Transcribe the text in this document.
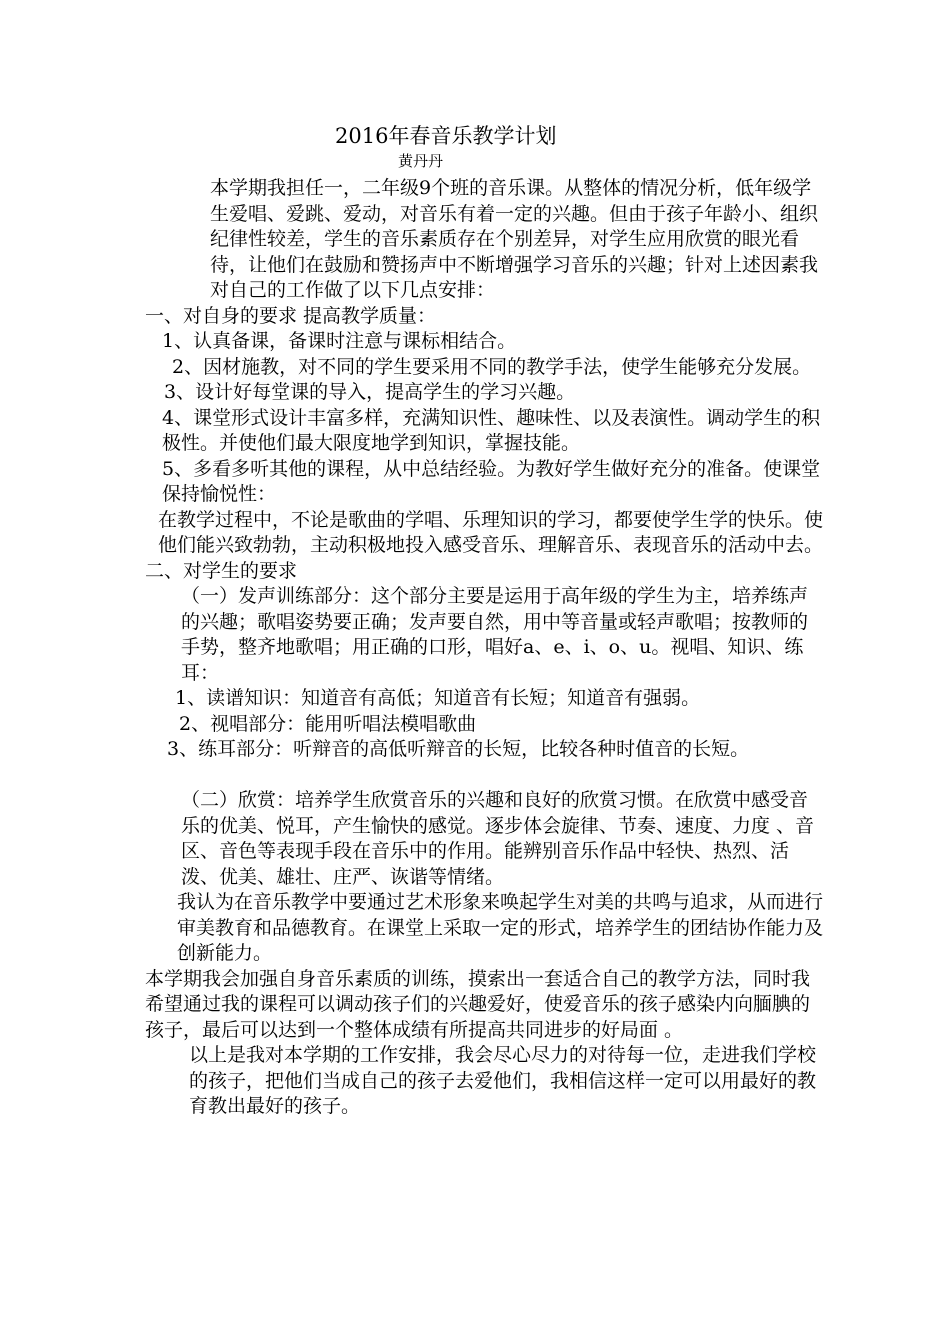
2016年春音乐教学计划
黄丹丹

本学期我担任一，二年级9个班的音乐课。从整体的情况分析，低年级学生爱唱、爱跳、爱动，对音乐有着一定的兴趣。但由于孩子年龄小、组织纪律性较差，学生的音乐素质存在个别差异，对学生应用欣赏的眼光看待，让他们在鼓励和赞扬声中不断增强学习音乐的兴趣；针对上述因素我对自己的工作做了以下几点安排：

一、对自身的要求 提高教学质量：

1、认真备课，备课时注意与课标相结合。

2、因材施教，对不同的学生要采用不同的教学手法，使学生能够充分发展。

3、设计好每堂课的导入，提高学生的学习兴趣。

4、课堂形式设计丰富多样，充满知识性、趣味性、以及表演性。调动学生的积 极性。并使他们最大限度地学到知识，掌握技能。

5、多看多听其他的课程，从中总结经验。为教好学生做好充分的准备。使课堂保持愉悦性：

在教学过程中，不论是歌曲的学唱、乐理知识的学习，都要使学生学的快乐。使他们能兴致勃勃，主动积极地投入感受音乐、理解音乐、表现音乐的活动中去。

二、对学生的要求

（一）发声训练部分：这个部分主要是运用于高年级的学生为主，培养练声的兴趣；歌唱姿势要正确；发声要自然，用中等音量或轻声歌唱；按教师的手势，整齐地歌唱；用正确的口形，唱好a、e、i、o、u。视唱、知识、练耳：

1、读谱知识：知道音有高低；知道音有长短；知道音有强弱。

2、视唱部分：能用听唱法模唱歌曲

3、练耳部分：听辩音的高低听辩音的长短，比较各种时值音的长短。

（二）欣赏：培养学生欣赏音乐的兴趣和良好的欣赏习惯。在欣赏中感受音乐的优美、悦耳，产生愉快的感觉。逐步体会旋律、节奏、速度、力度 、音区、音色等表现手段在音乐中的作用。能辨别音乐作品中轻快、热烈、活泼、优美、雄壮、庄严、诙谐等情绪。

我认为在音乐教学中要通过艺术形象来唤起学生对美的共鸣与追求，从而进行审美教育和品德教育。在课堂上采取一定的形式，培养学生的团结协作能力及创新能力。

本学期我会加强自身音乐素质的训练，摸索出一套适合自己的教学方法，同时我希望通过我的课程可以调动孩子们的兴趣爱好，使爱音乐的孩子感染内向腼腆的孩子，最后可以达到一个整体成绩有所提高共同进步的好局面 。

以上是我对本学期的工作安排，我会尽心尽力的对待每一位，走进我们学校的孩子，把他们当成自己的孩子去爱他们，我相信这样一定可以用最好的教育教出最好的孩子。
